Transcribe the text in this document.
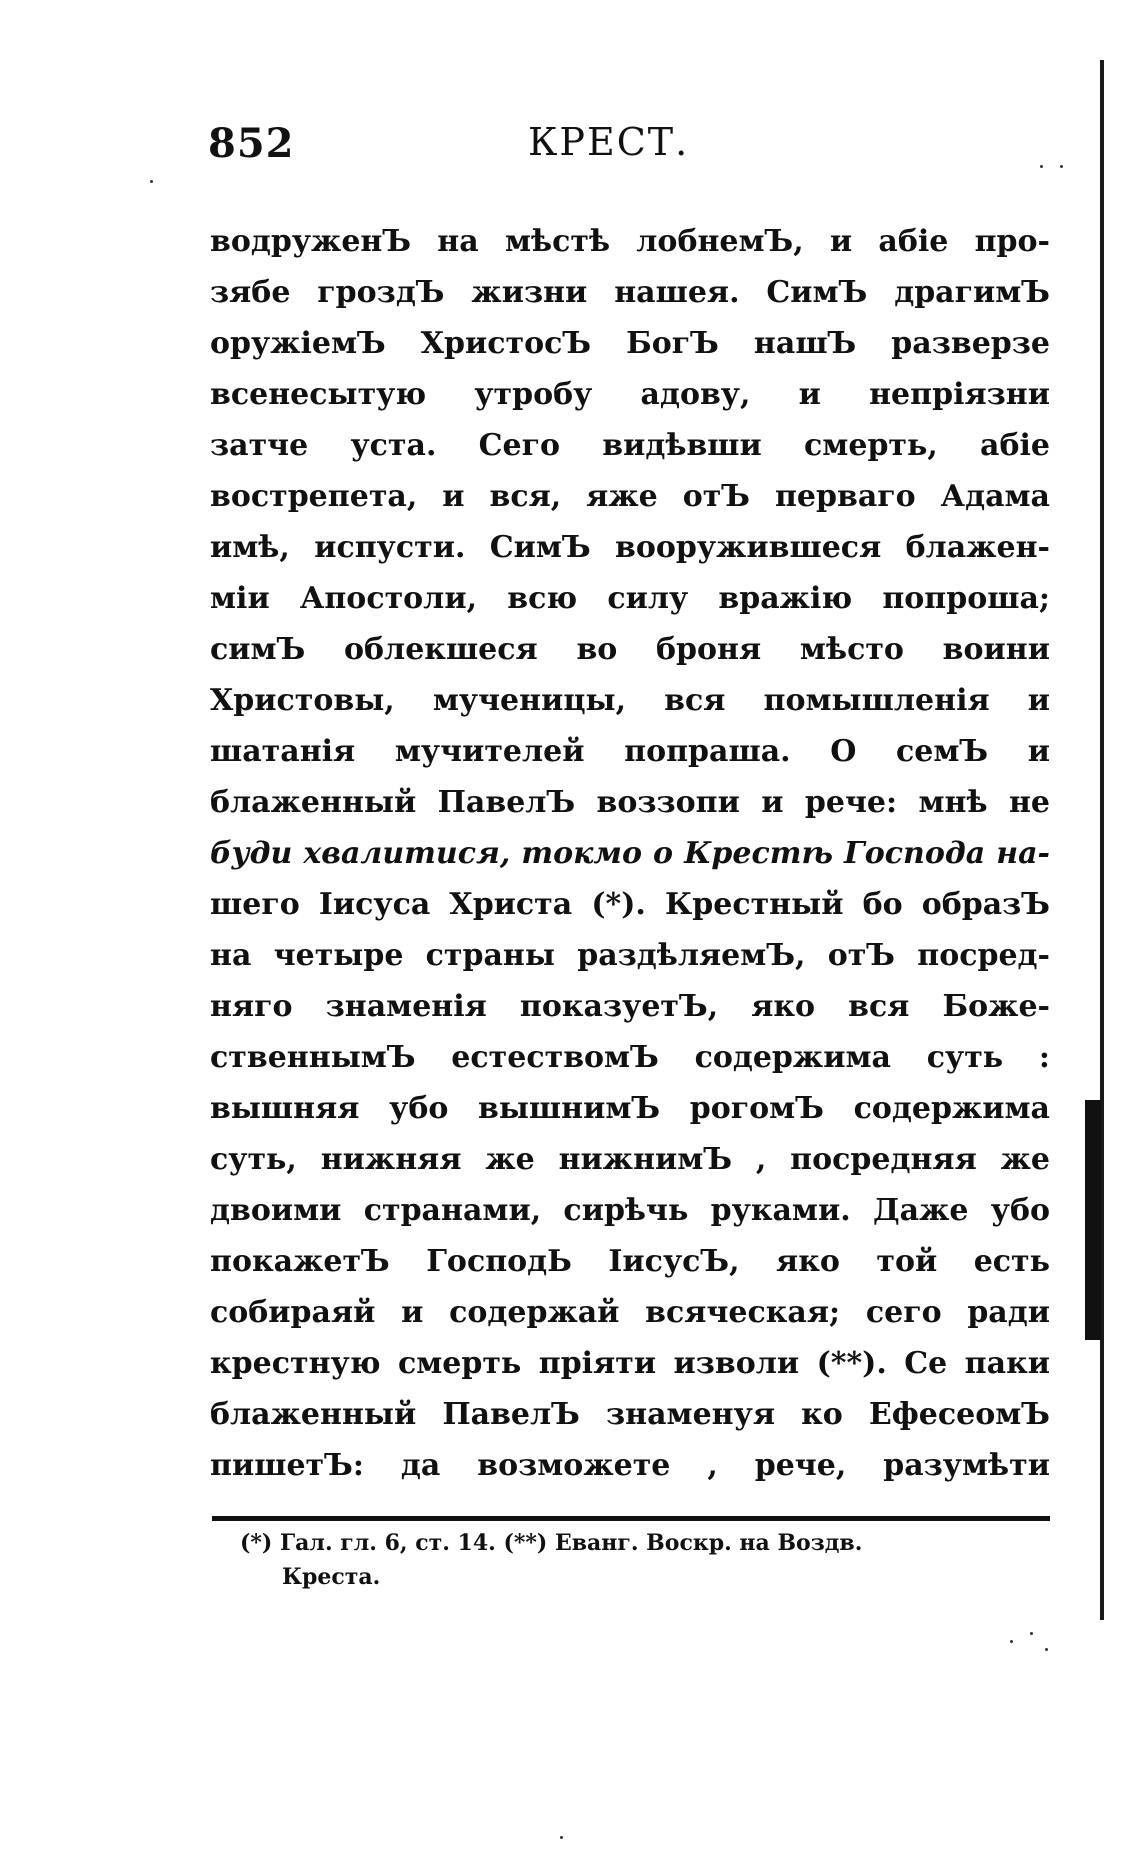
852	КРЕСТ.
водруженЪ на мѣстѣ лобнемЪ, и абіе про-
зябе гроздЪ жизни нашея. СимЪ драгимЪ
оружіемЪ ХристосЪ БогЪ нашЪ разверзе
всенесытую утробу адову, и непріязни
затче уста. Сего видѣвши смерть, абіе
вострепета, и вся, яже отЪ перваго Адама
имѣ, испусти. СимЪ вооружившеся блажен-
міи Апостоли, всю силу вражію попроша;
симЪ облекшеся во броня мѣсто воини
Христовы, мученицы, вся помышленія и
шатанія мучителей попраша. О семЪ и
блаженный ПавелЪ воззопи и рече: мнѣ не
буди хвалитися, токмо о Крестѣ Господа на-
шего Іисуса Христа (*). Крестный бо образЪ
на четыре страны раздѣляемЪ, отЪ посред-
няго знаменія показуетЪ, яко вся Боже-
ственнымЪ естествомЪ содержима суть :
вышняя убо вышнимЪ рогомЪ содержима
суть, нижняя же нижнимЪ , посредняя же
двоими странами, сирѣчь руками. Даже убо
покажетЪ ГосподЬ ІисусЪ, яко той есть
собираяй и содержай всяческая; сего ради
крестную смерть пріяти изволи (**). Се паки
блаженный ПавелЪ знаменуя ко ЕфесеомЪ
пишетЪ: да возможете , рече, разумѣти
(*) Гал. гл. 6, ст. 14. (**) Еванг. Воскр. на Воздв.
Креста.
